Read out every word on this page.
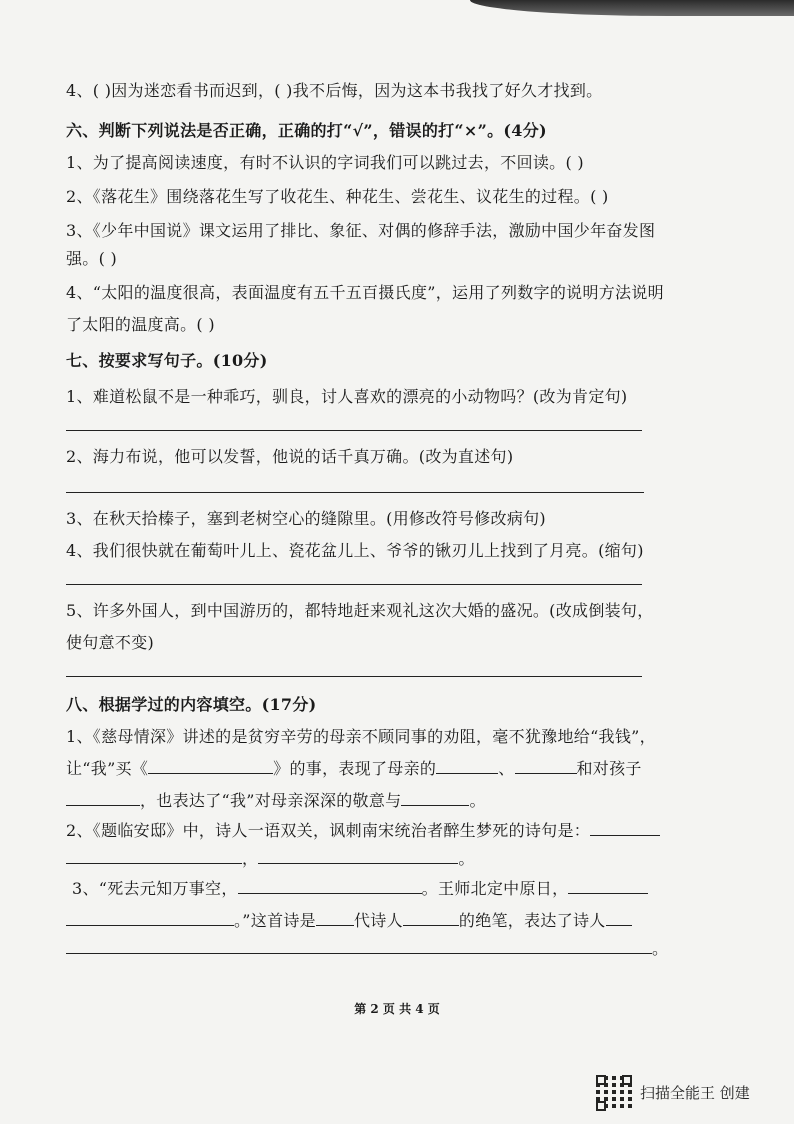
4、( )因为迷恋看书而迟到，( )我不后悔，因为这本书我找了好久才找到。
六、判断下列说法是否正确，正确的打“√”，错误的打“×”。(4分)
1、为了提高阅读速度，有时不认识的字词我们可以跳过去，不回读。( )
2、《落花生》围绕落花生写了收花生、种花生、尝花生、议花生的过程。( )
3、《少年中国说》课文运用了排比、象征、对偶的修辞手法，激励中国少年奋发图
强。( )
4、“太阳的温度很高，表面温度有五千五百摄氏度”，运用了列数字的说明方法说明
了太阳的温度高。( )
七、按要求写句子。(10分)
1、难道松鼠不是一种乖巧，驯良，讨人喜欢的漂亮的小动物吗？(改为肯定句)
2、海力布说，他可以发誓，他说的话千真万确。(改为直述句)
3、在秋天拾榛子，塞到老树空心的缝隙里。(用修改符号修改病句)
4、我们很快就在葡萄叶儿上、瓷花盆儿上、爷爷的锹刃儿上找到了月亮。(缩句)
5、许多外国人，到中国游历的，都特地赶来观礼这次大婚的盛况。(改成倒装句，
使句意不变)
八、根据学过的内容填空。(17分)
1、《慈母情深》讲述的是贫穷辛劳的母亲不顾同事的劝阻，毫不犹豫地给“我钱”，
让“我”买《	》的事，表现了母亲的	、	和对孩子
，也表达了“我”对母亲深深的敬意与	。
2、《题临安邸》中，诗人一语双关，讽刺南宋统治者醉生梦死的诗句是：
，	。
3、“死去元知万事空，	。王师北定中原日，
。”这首诗是 代诗人	的绝笔，表达了诗人
。
第 2 页 共 4 页
扫描全能王 创建
